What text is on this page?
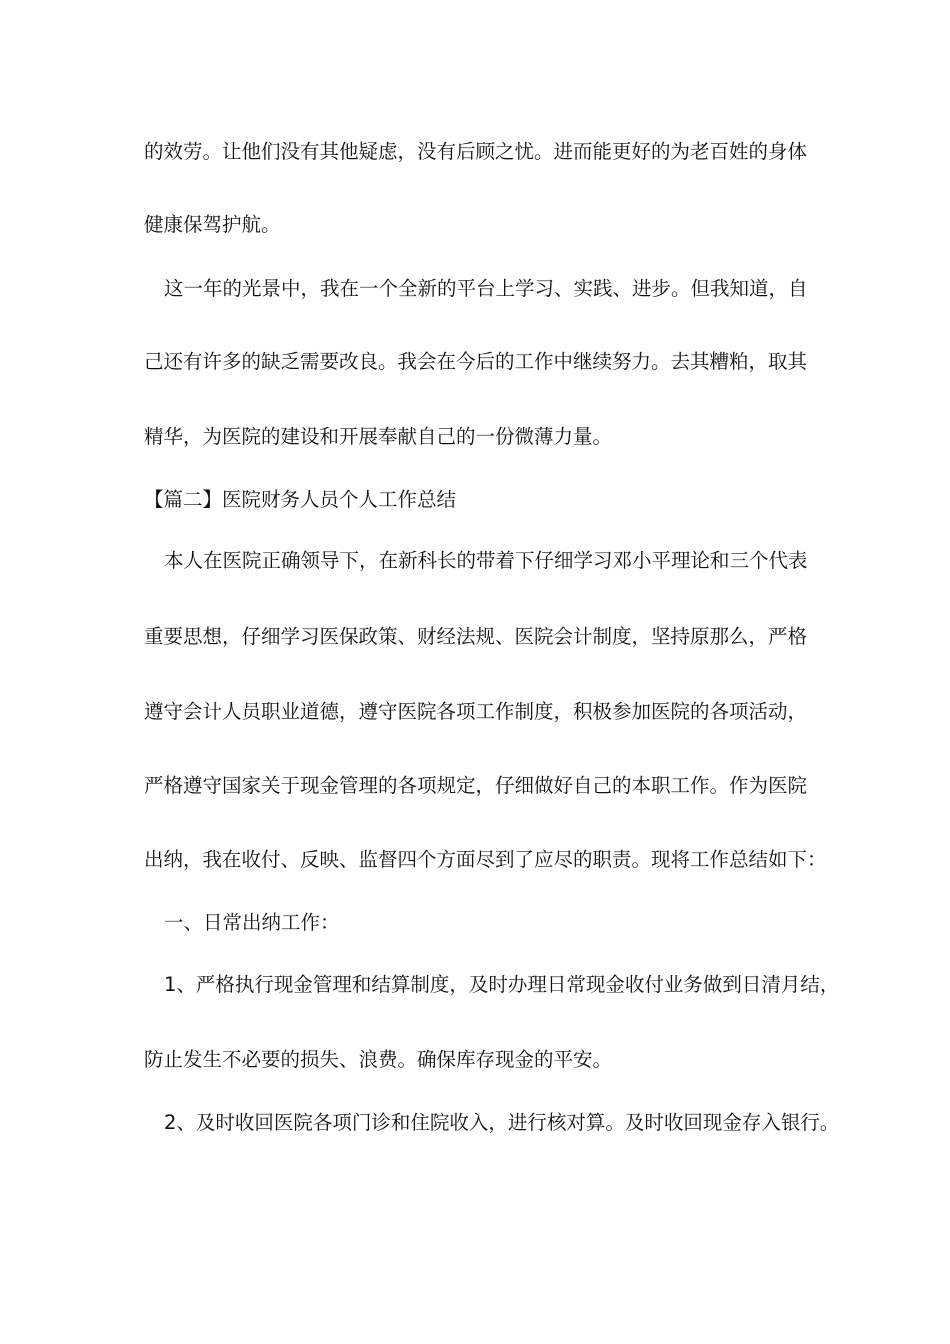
的效劳。让他们没有其他疑虑，没有后顾之忧。进而能更好的为老百姓的身体
健康保驾护航。
这一年的光景中，我在一个全新的平台上学习、实践、进步。但我知道，自
己还有许多的缺乏需要改良。我会在今后的工作中继续努力。去其糟粕，取其
精华，为医院的建设和开展奉献自己的一份微薄力量。
【篇二】医院财务人员个人工作总结
本人在医院正确领导下，在新科长的带着下仔细学习邓小平理论和三个代表
重要思想，仔细学习医保政策、财经法规、医院会计制度，坚持原那么，严格
遵守会计人员职业道德，遵守医院各项工作制度，积极参加医院的各项活动，
严格遵守国家关于现金管理的各项规定，仔细做好自己的本职工作。作为医院
出纳，我在收付、反映、监督四个方面尽到了应尽的职责。现将工作总结如下：
一、日常出纳工作：
1、严格执行现金管理和结算制度，及时办理日常现金收付业务做到日清月结，
防止发生不必要的损失、浪费。确保库存现金的平安。
2、及时收回医院各项门诊和住院收入，进行核对算。及时收回现金存入银行。
